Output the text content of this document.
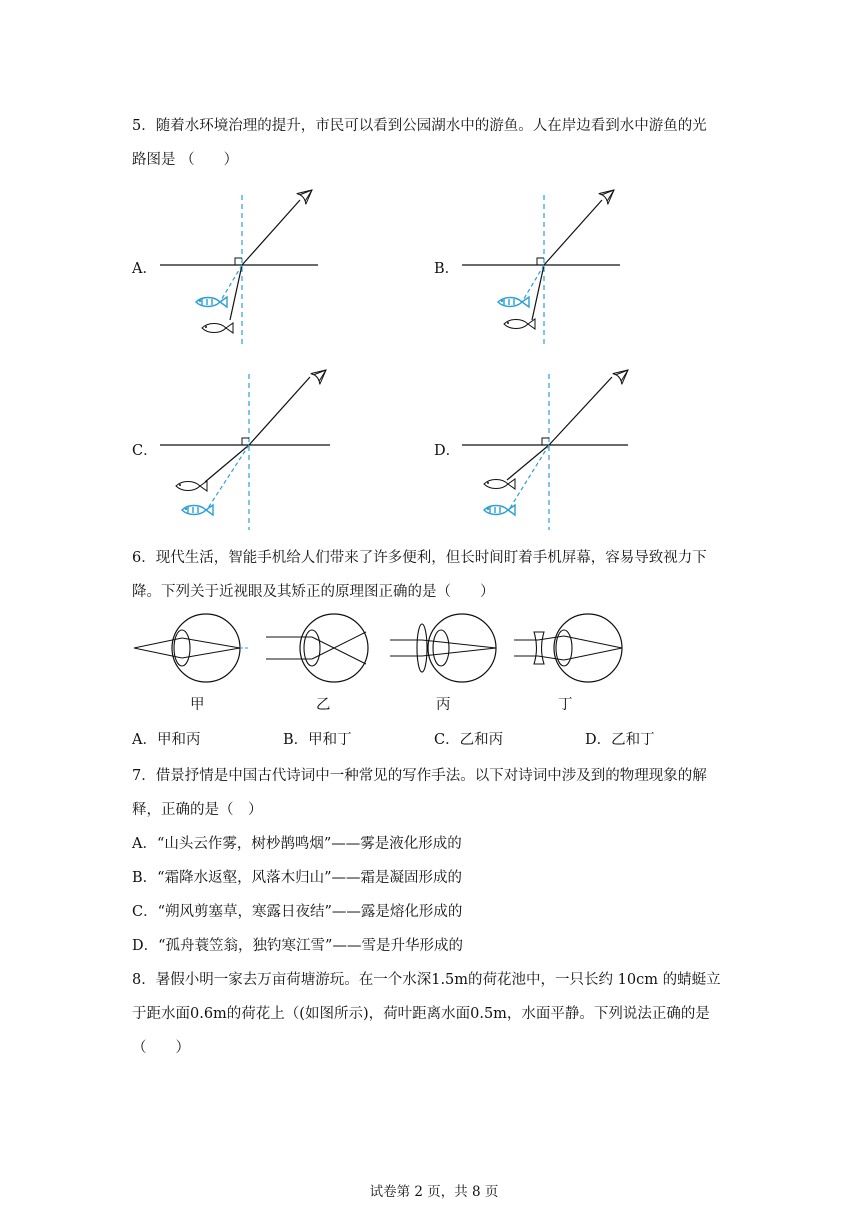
5．随着水环境治理的提升，市民可以看到公园湖水中的游鱼。人在岸边看到水中游鱼的光
路图是 （　　）
A．	B．
C．	D．
6．现代生活，智能手机给人们带来了许多便利，但长时间盯着手机屏幕，容易导致视力下
降。下列关于近视眼及其矫正的原理图正确的是（　　）
甲	乙	丙	丁
A．甲和丙	B．甲和丁	C．乙和丙	D．乙和丁
7．借景抒情是中国古代诗词中一种常见的写作手法。以下对诗词中涉及到的物理现象的解
释，正确的是（　）
A．“山头云作雾，树杪鹊鸣烟”——雾是液化形成的
B．“霜降水返壑，风落木归山”——霜是凝固形成的
C．“朔风剪塞草，寒露日夜结”——露是熔化形成的
D．“孤舟蓑笠翁，独钓寒江雪”——雪是升华形成的
8．暑假小明一家去万亩荷塘游玩。在一个水深1.5m的荷花池中，一只长约 10cm 的蜻蜓立
于距水面0.6m的荷花上（(如图所示)，荷叶距离水面0.5m，水面平静。下列说法正确的是
（　　）
试卷第 2 页，共 8 页
